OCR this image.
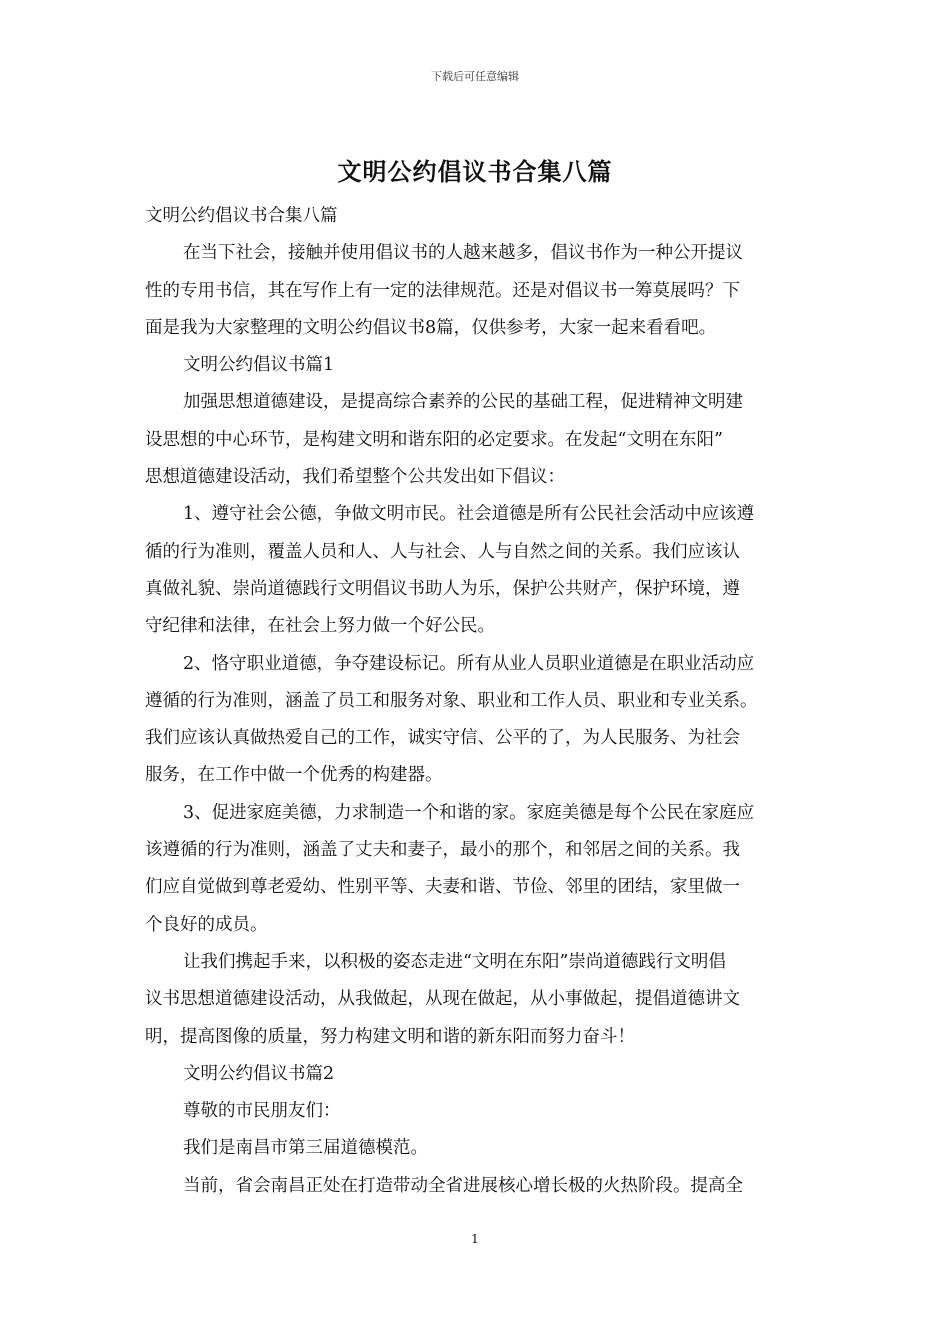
下载后可任意编辑
文明公约倡议书合集八篇
文明公约倡议书合集八篇
在当下社会，接触并使用倡议书的人越来越多，倡议书作为一种公开提议
性的专用书信，其在写作上有一定的法律规范。还是对倡议书一筹莫展吗？下
面是我为大家整理的文明公约倡议书8篇，仅供参考，大家一起来看看吧。
文明公约倡议书篇1
加强思想道德建设，是提高综合素养的公民的基础工程，促进精神文明建
设思想的中心环节，是构建文明和谐东阳的必定要求。在发起“文明在东阳”
思想道德建设活动，我们希望整个公共发出如下倡议：
1、遵守社会公德，争做文明市民。社会道德是所有公民社会活动中应该遵
循的行为准则，覆盖人员和人、人与社会、人与自然之间的关系。我们应该认
真做礼貌、崇尚道德践行文明倡议书助人为乐，保护公共财产，保护环境，遵
守纪律和法律，在社会上努力做一个好公民。
2、恪守职业道德，争夺建设标记。所有从业人员职业道德是在职业活动应
遵循的行为准则，涵盖了员工和服务对象、职业和工作人员、职业和专业关系。
我们应该认真做热爱自己的工作，诚实守信、公平的了，为人民服务、为社会
服务，在工作中做一个优秀的构建器。
3、促进家庭美德，力求制造一个和谐的家。家庭美德是每个公民在家庭应
该遵循的行为准则，涵盖了丈夫和妻子，最小的那个，和邻居之间的关系。我
们应自觉做到尊老爱幼、性别平等、夫妻和谐、节俭、邻里的团结，家里做一
个良好的成员。
让我们携起手来，以积极的姿态走进“文明在东阳”崇尚道德践行文明倡
议书思想道德建设活动，从我做起，从现在做起，从小事做起，提倡道德讲文
明，提高图像的质量，努力构建文明和谐的新东阳而努力奋斗！
文明公约倡议书篇2
尊敬的市民朋友们：
我们是南昌市第三届道德模范。
当前，省会南昌正处在打造带动全省进展核心增长极的火热阶段。提高全
1
